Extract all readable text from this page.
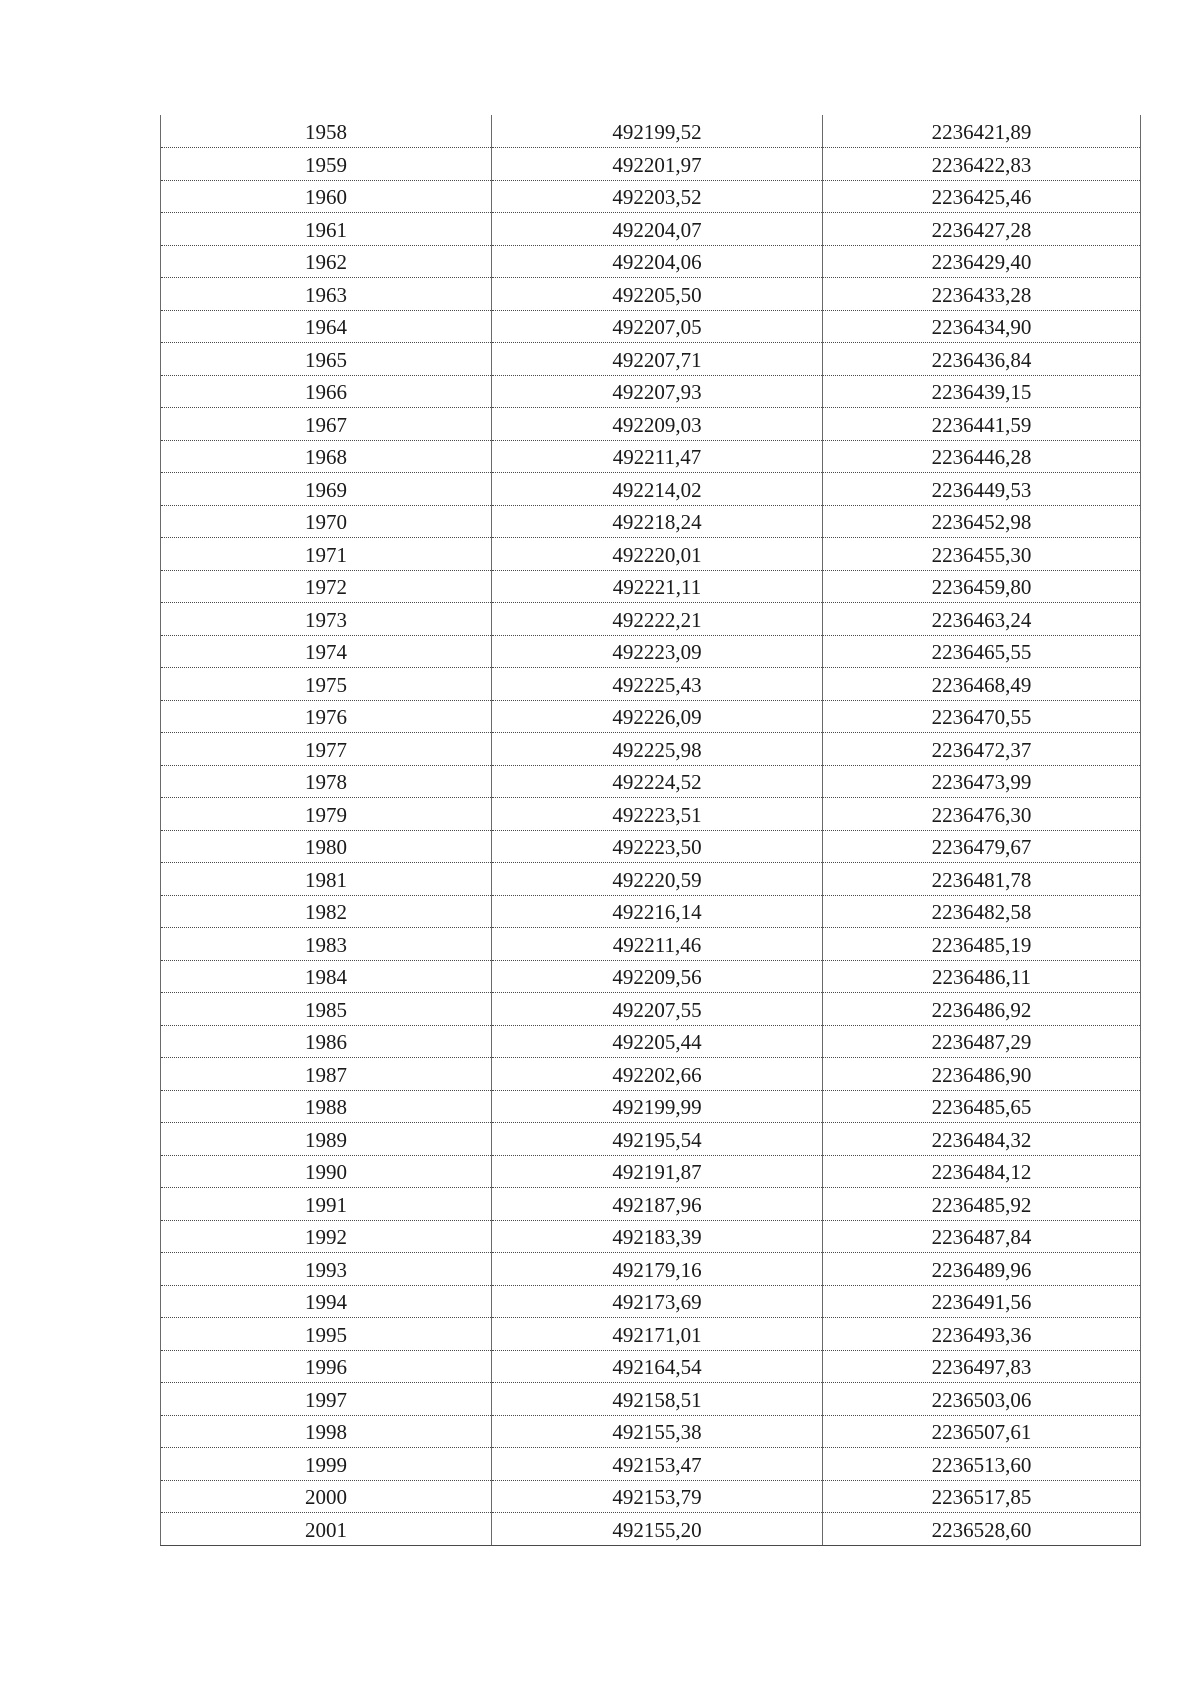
1958	492199,52	2236421,89
1959	492201,97	2236422,83
1960	492203,52	2236425,46
1961	492204,07	2236427,28
1962	492204,06	2236429,40
1963	492205,50	2236433,28
1964	492207,05	2236434,90
1965	492207,71	2236436,84
1966	492207,93	2236439,15
1967	492209,03	2236441,59
1968	492211,47	2236446,28
1969	492214,02	2236449,53
1970	492218,24	2236452,98
1971	492220,01	2236455,30
1972	492221,11	2236459,80
1973	492222,21	2236463,24
1974	492223,09	2236465,55
1975	492225,43	2236468,49
1976	492226,09	2236470,55
1977	492225,98	2236472,37
1978	492224,52	2236473,99
1979	492223,51	2236476,30
1980	492223,50	2236479,67
1981	492220,59	2236481,78
1982	492216,14	2236482,58
1983	492211,46	2236485,19
1984	492209,56	2236486,11
1985	492207,55	2236486,92
1986	492205,44	2236487,29
1987	492202,66	2236486,90
1988	492199,99	2236485,65
1989	492195,54	2236484,32
1990	492191,87	2236484,12
1991	492187,96	2236485,92
1992	492183,39	2236487,84
1993	492179,16	2236489,96
1994	492173,69	2236491,56
1995	492171,01	2236493,36
1996	492164,54	2236497,83
1997	492158,51	2236503,06
1998	492155,38	2236507,61
1999	492153,47	2236513,60
2000	492153,79	2236517,85
2001	492155,20	2236528,60
